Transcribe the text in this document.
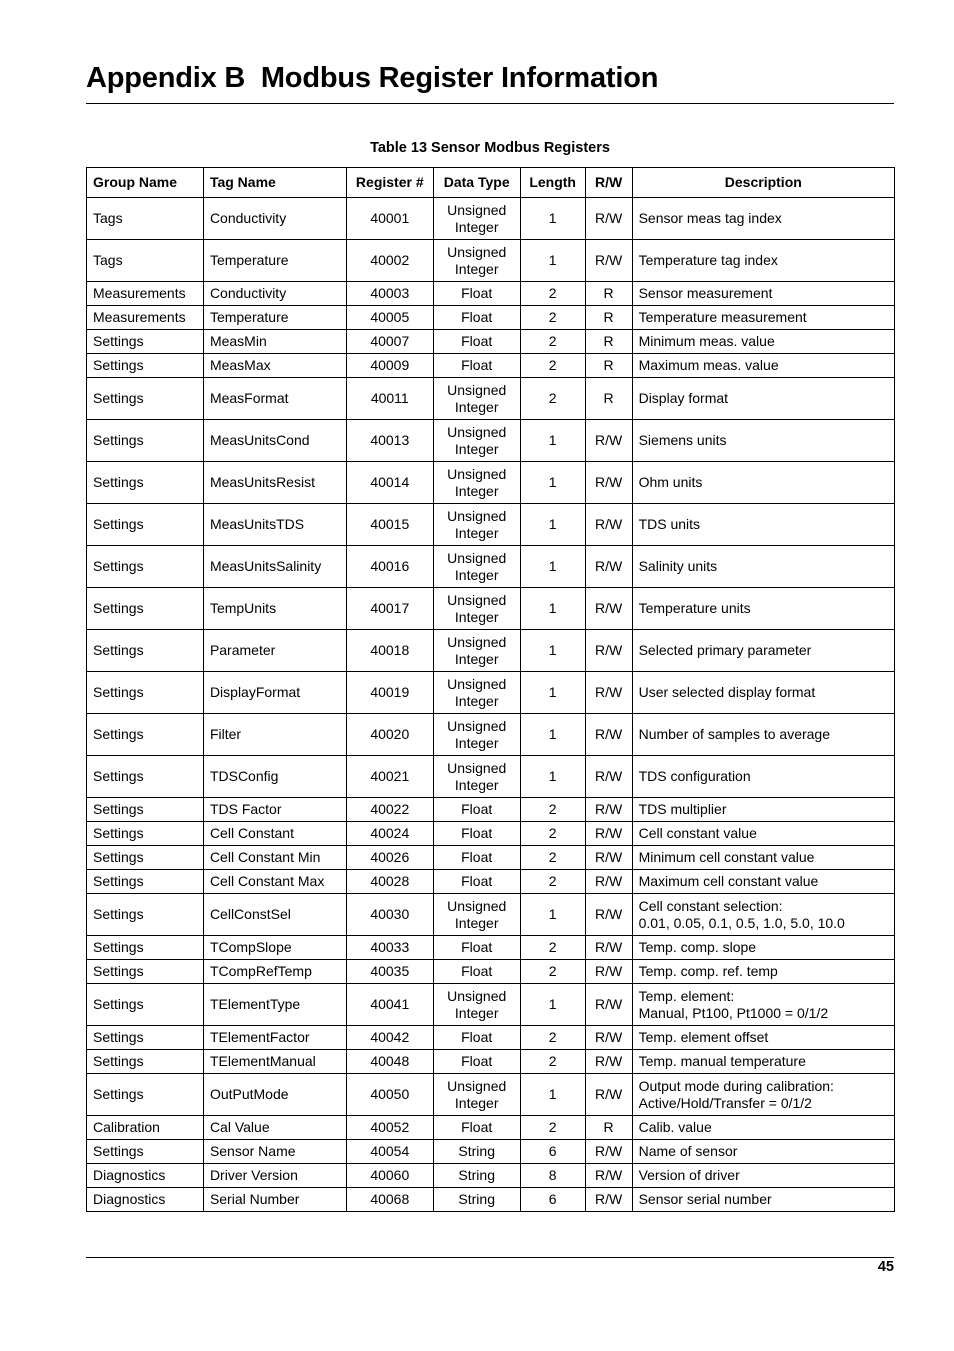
Appendix B Modbus Register Information
Table 13 Sensor Modbus Registers
Group Name	Tag Name	Register #	Data Type	Length	R/W	Description
Tags	Conductivity	40001	Unsigned Integer	1	R/W	Sensor meas tag index
Tags	Temperature	40002	Unsigned Integer	1	R/W	Temperature tag index
Measurements	Conductivity	40003	Float	2	R	Sensor measurement
Measurements	Temperature	40005	Float	2	R	Temperature measurement
Settings	MeasMin	40007	Float	2	R	Minimum meas. value
Settings	MeasMax	40009	Float	2	R	Maximum meas. value
Settings	MeasFormat	40011	Unsigned Integer	2	R	Display format
Settings	MeasUnitsCond	40013	Unsigned Integer	1	R/W	Siemens units
Settings	MeasUnitsResist	40014	Unsigned Integer	1	R/W	Ohm units
Settings	MeasUnitsTDS	40015	Unsigned Integer	1	R/W	TDS units
Settings	MeasUnitsSalinity	40016	Unsigned Integer	1	R/W	Salinity units
Settings	TempUnits	40017	Unsigned Integer	1	R/W	Temperature units
Settings	Parameter	40018	Unsigned Integer	1	R/W	Selected primary parameter
Settings	DisplayFormat	40019	Unsigned Integer	1	R/W	User selected display format
Settings	Filter	40020	Unsigned Integer	1	R/W	Number of samples to average
Settings	TDSConfig	40021	Unsigned Integer	1	R/W	TDS configuration
Settings	TDS Factor	40022	Float	2	R/W	TDS multiplier
Settings	Cell Constant	40024	Float	2	R/W	Cell constant value
Settings	Cell Constant Min	40026	Float	2	R/W	Minimum cell constant value
Settings	Cell Constant Max	40028	Float	2	R/W	Maximum cell constant value
Settings	CellConstSel	40030	Unsigned Integer	1	R/W	Cell constant selection:
0.01, 0.05, 0.1, 0.5, 1.0, 5.0, 10.0
Settings	TCompSlope	40033	Float	2	R/W	Temp. comp. slope
Settings	TCompRefTemp	40035	Float	2	R/W	Temp. comp. ref. temp
Settings	TElementType	40041	Unsigned Integer	1	R/W	Temp. element:
Manual, Pt100, Pt1000 = 0/1/2
Settings	TElementFactor	40042	Float	2	R/W	Temp. element offset
Settings	TElementManual	40048	Float	2	R/W	Temp. manual temperature
Settings	OutPutMode	40050	Unsigned Integer	1	R/W	Output mode during calibration:
Active/Hold/Transfer = 0/1/2
Calibration	Cal Value	40052	Float	2	R	Calib. value
Settings	Sensor Name	40054	String	6	R/W	Name of sensor
Diagnostics	Driver Version	40060	String	8	R/W	Version of driver
Diagnostics	Serial Number	40068	String	6	R/W	Sensor serial number
45
